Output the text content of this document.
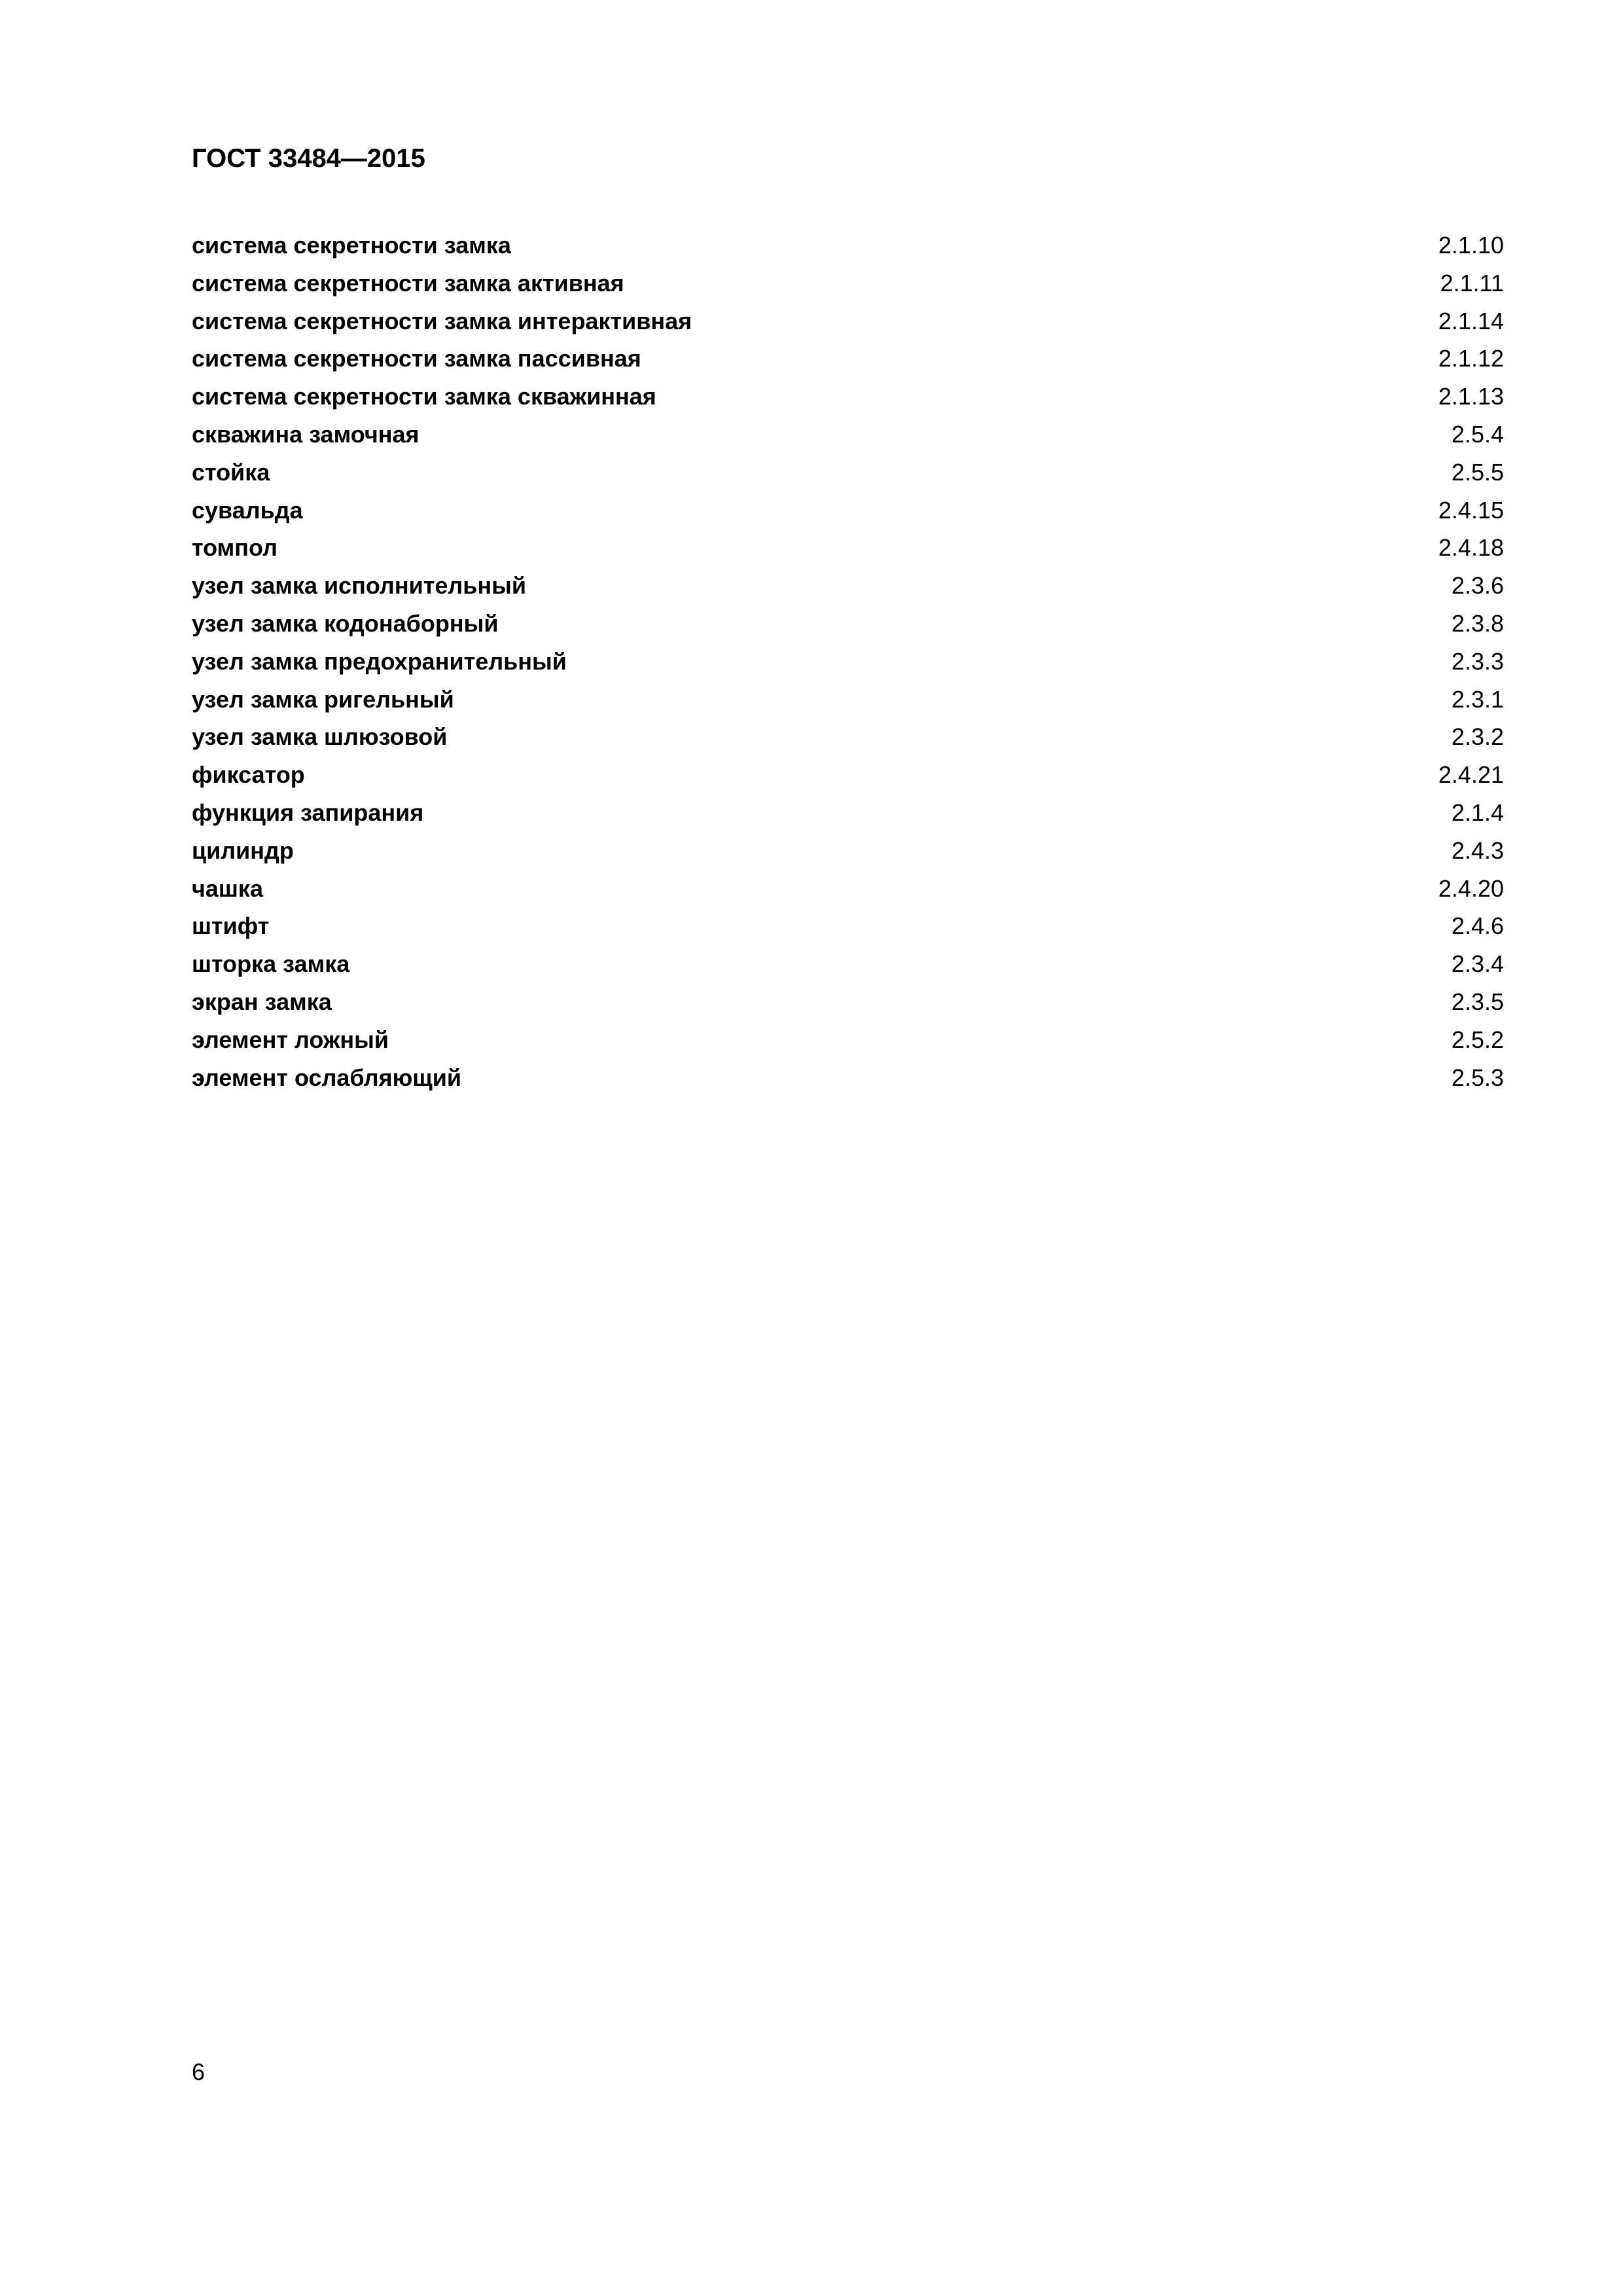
ГОСТ 33484—2015
система секретности замка	2.1.10
система секретности замка активная	2.1.11
система секретности замка интерактивная	2.1.14
система секретности замка пассивная	2.1.12
система секретности замка скважинная	2.1.13
скважина замочная	2.5.4
стойка	2.5.5
сувальда	2.4.15
томпол	2.4.18
узел замка исполнительный	2.3.6
узел замка кодонаборный	2.3.8
узел замка предохранительный	2.3.3
узел замка ригельный	2.3.1
узел замка шлюзовой	2.3.2
фиксатор	2.4.21
функция запирания	2.1.4
цилиндр	2.4.3
чашка	2.4.20
штифт	2.4.6
шторка замка	2.3.4
экран замка	2.3.5
элемент ложный	2.5.2
элемент ослабляющий	2.5.3
6
